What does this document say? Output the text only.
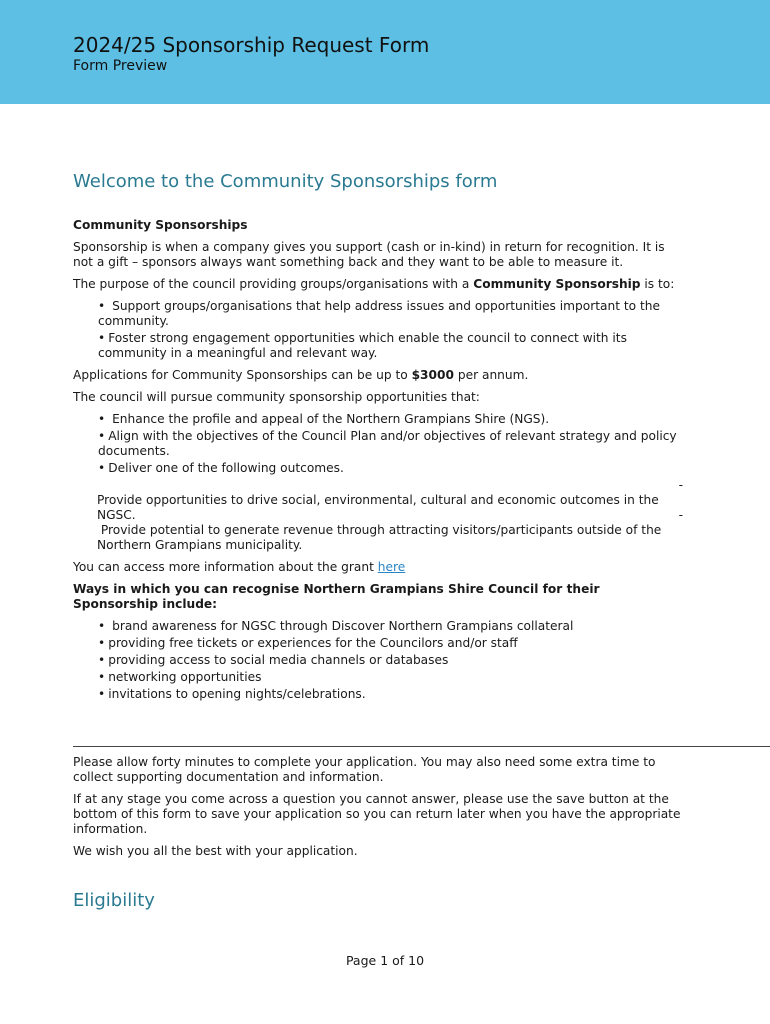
2024/25 Sponsorship Request Form
Form Preview
Welcome to the Community Sponsorships form

Community Sponsorships

Sponsorship is when a company gives you support (cash or in-kind) in return for recognition. It is not a gift – sponsors always want something back and they want to be able to measure it.

The purpose of the council providing groups/organisations with a Community Sponsorship is to:

• Support groups/organisations that help address issues and opportunities important to the community.
• Foster strong engagement opportunities which enable the council to connect with its community in a meaningful and relevant way.

Applications for Community Sponsorships can be up to $3000 per annum.

The council will pursue community sponsorship opportunities that:

• Enhance the profile and appeal of the Northern Grampians Shire (NGS).
• Align with the objectives of the Council Plan and/or objectives of relevant strategy and policy documents.
• Deliver one of the following outcomes.
-
Provide opportunities to drive social, environmental, cultural and economic outcomes in the NGSC.	-
Provide potential to generate revenue through attracting visitors/participants outside of the Northern Grampians municipality.

You can access more information about the grant here

Ways in which you can recognise Northern Grampians Shire Council for their Sponsorship include:

• brand awareness for NGSC through Discover Northern Grampians collateral
• providing free tickets or experiences for the Councilors and/or staff
• providing access to social media channels or databases
• networking opportunities
• invitations to opening nights/celebrations.

Please allow forty minutes to complete your application. You may also need some extra time to collect supporting documentation and information.

If at any stage you come across a question you cannot answer, please use the save button at the bottom of this form to save your application so you can return later when you have the appropriate information.

We wish you all the best with your application.

Eligibility
Page 1 of 10
